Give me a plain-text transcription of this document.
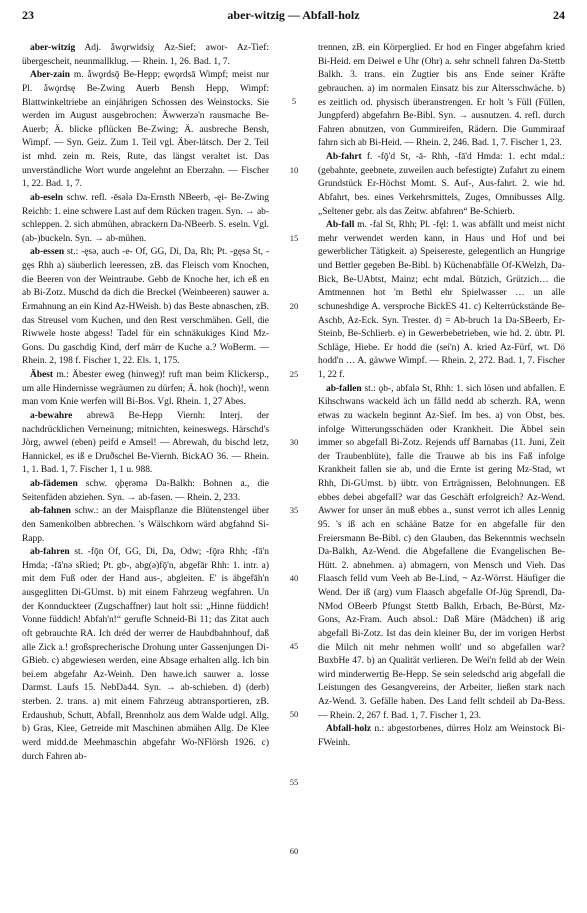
23	aber-witzig — Abfall-holz	24

aber-witzig Adj. ǡwǫrwidsiχ Az-Sief; awor- Az-Tief: übergescheit, neunmallklug. — Rhein. 1, 26. Bad. 1, 7.

Aber-zain m. ǡwǫrdsǭ Be-Hepp; ęwǫrdsā Wimpf; meist nur Pl. ǡwǫrdsę Be-Zwing Auerb Bensh Hepp, Wimpf: Blattwinkeltriebe an einjährigen Schossen des Weinstocks. Sie werden im August ausgebrochen: Äwwerzǝ'n rausmache Be-Auerb; Ä. blicke pflücken Be-Zwing; Ä. ausbreche Bensh, Wimpf. — Syn. Geiz. Zum 1. Teil vgl. Äber-lätsch. Der 2. Teil ist mhd. zein m. Reis, Rute, das längst veraltet ist. Das unverständliche Wort wurde angelehnt an Eberzahn. — Fischer 1, 22. Bad. 1, 7.

ab-eseln schw. refl. -ēsǝlǝ Da-Ernsth NBeerb, -ęi- Be-Zwing Reichb: 1. eine schwere Last auf dem Rücken tragen. Syn. → ab-schleppen. 2. sich abmühen, abrackern Da-NBeerb. S. eseln. Vgl. (ab-)buckeln. Syn. → ab-mühen.

ab-essen st.: -ęsǝ, auch -e- Of, GG, Di, Da, Rh; Pt. -gęsǝ St, -gęs Rhh a) säuberlich leeressen, zB. das Fleisch vom Knochen, die Beeren von der Weintraube. Gebb de Knoche her, ich eß en ab Bi-Zotz. Muschd dǝ dich die Breckel (Weinbeeren) sauwer a. Ermahnung an ein Kind Az-HWeish. b) das Beste abnaschen, zB. das Streusel vom Kuchen, und den Rest verschmähen. Gell, die Riwwele hoste abgess! Tadel für ein schnäkukiges Kind Mz-Gons. Du gaschdig Kind, derf märr de Kuche a.? WoBerm. — Rhein. 2, 198 f. Fischer 1, 22. Els. 1, 175.

Äbest m.: Äbester eweg (hinweg)! ruft man beim Klickersp., um alle Hindernisse wegräumen zu dürfen; Ä. hok (hoch)!, wenn man vom Knie werfen will Bi-Bos. Vgl. Rhein. 1, 27 Abes.

a-bewahre abrewā Be-Hepp Viernh: Interj. der nachdrücklichen Verneinung; mitnichten, keineswegs. Härschd's Jörg, awwel (eben) peifd e Amsel! — Abrewah, du bischd letz, Hannickel, es iß e Druðschel Be-Viernh. BickAO 36. — Rhein. 1, 1. Bad. 1, 7. Fischer 1, 1 u. 988.

ab-fädemen schw. ǫþęrǝmǝ Da-Balkh: Bohnen a., die Seitenfäden abziehen. Syn. → ab-fasen. — Rhein. 2, 233.

ab-fahnen schw.: an der Maispflanze die Blütenstengel über den Samenkolben abbrechen. 's Wälschkorn wärd abgfahnd Si-Rapp.

ab-fahren st. -fǭn Of, GG, Di, Da, Odw; -fǭrǝ Rhh; -fā'n Hmda; -fā'nǝ sRied; Pt. gb-, abg(ǝ)fǭ'n, abgefār Rhh: 1. intr. a) mit dem Fuß oder der Hand aus-, abgleiten. E' is äbgefāh'n ausgeglitten Di-GUmst. b) mit einem Fahrzeug wegfahren. Un der Konnduckteer (Zugschaffner) laut holt ssi: „Hinne füddich! Vonne füddich! Abfah'n!“ gerufle Schneid-Bi 11; das Zitat auch oft gebrauchte RA. Ich dréd der werrer de Haubdbahnhouf, daß alle Zick a.! großsprecherische Drohung unter Gassenjungen Di-GBieb. c) abgewiesen werden, eine Absage erhalten allg. Ich bin bei.em abgefahr Az-Weinh. Den hawe.ich sauwer a. losse Darmst. Laufs 15. NebDa44. Syn. → ab-schieben. d) (derb) sterben. 2. trans. a) mit einem Fahrzeug abtransportieren, zB. Erdaushub, Schutt, Abfall, Brennholz aus dem Walde udgl. Allg. b) Gras, Klee, Getreide mit Maschinen abmähen Allg. De Klee werd midd.de Meehmaschin abgefahr Wo-NFlörsh 1926. c) durch Fahren ab-

5
10
15
20
25
30
35
40
45
50
55
60

trennen, zB. ein Körperglied. Er hod en Finger abgefahrn kried Bi-Heid. em Deiwel e Uhr (Ohr) a. sehr schnell fahren Da-Stettb Balkh. 3. trans. ein Zugtier bis ans Ende seiner Kräfte gebrauchen. a) im normalen Einsatz bis zur Altersschwäche. b) es zeitlich od. physisch überanstrengen. Er holt 's Füll (Füllen, Jungpferd) abgefahrn Be-Bibl. Syn. → ausnutzen. 4. refl. durch Fahren abnutzen, von Gummireifen, Rädern. Die Gummiraaf fahrn sich ab Bi-Heid. — Rhein. 2, 246. Bad. 1, 7. Fischer 1, 23.

Ab-fahrt f. -fǭ'd St, -ā- Rhh, -fā'd Hmda: 1. echt mdal.: (gebahnte, geebnete, zuweilen auch befestigte) Zufahrt zu einem Grundstück Er-Höchst Momt. S. Auf-, Aus-fahrt. 2. wie hd. Abfahrt, bes. eines Verkehrsmittels, Zuges, Omnibusses Allg. „Seltener gebr. als das Zeitw. abfahren“ Be-Schierb.

Ab-fall m. -fal St, Rhh; Pl. -fęl: 1. was abfällt und meist nicht mehr verwendet werden kann, in Haus und Hof und bei gewerblicher Tätigkeit. a) Speisereste, gelegentlich an Hungrige und Bettler gegeben Be-Bibl. b) Küchenabfälle Of-KWelzh, Da-Bick, Be-UAbtst, Mainz; echt mdal. Bützich, Grützich… die Amtmennen hot 'm Bethl ehr Spielwasser … un alle schuneshdige A. versproche BickES 41. c) Kelterrückstände Be-Aschb, Az-Eck. Syn. Trester. d) = Ab-bruch 1a Da-SBeerb, Er-Steinb, Be-Schlierb. e) in Gewerbebetrieben, wie hd. 2. übtr. Pl. Schläge, Hiebe. Er hodd die (sei'n) A. kried Az-Fürf, wt. Dö hodd'n … A. gäwwe Wimpf. — Rhein. 2, 272. Bad. 1, 7. Fischer 1, 22 f.

ab-fallen st.: ǫb-, abfalǝ St, Rhh: 1. sich lösen und abfallen. E Kihschwans wackeld äch un fälld nedd ab scherzh. RA, wenn etwas zu wackeln beginnt Az-Sief. Im bes. a) von Obst, bes. infolge Witterungsschäden oder Krankheit. Die Äbbel sein immer so abgefall Bi-Zotz. Rejends uff Barnabas (11. Juni, Zeit der Traubenblüte), falle die Trauwe ab bis ins Faß infolge Krankheit fallen sie ab, und die Ernte ist gering Mz-Stad, wt Rhh, Di-GUmst. b) übtr. von Erträgnissen, Belohnungen. Eß ebbes debei abgefall? war das Geschäft erfolgreich? Az-Wend. Awwer for unser än muß ebbes a., sunst verrot ich alles Lennig 95. 's iß ach en schääne Batze for en abgefalle für den Freiersmann Be-Bibl. c) den Glauben, das Bekenntnis wechseln Da-Balkh, Az-Wend. die Abgefallene die Evangelischen Be-Hütt. 2. abnehmen. a) abmagern, von Mensch und Vieh. Das Flaasch felld vum Veeh ab Be-Lind, ~ Az-Wörrst. Häufiger die Wend. Der iß (arg) vum Flaasch abgefalle Of-Jüg Sprendl, Da-NMod OBeerb Pfungst Stettb Balkh, Erbach, Be-Bürst, Mz-Gons, Az-Fram. Auch absol.: Daß Märe (Mädchen) iß arig abgefall Bi-Zotz. Ist das dein kleiner Bu, der im vorigen Herbst die Milch nit mehr nehmen wollt' und so abgefallen war? BuxbHe 47. b) an Qualität verlieren. De Wei'n felld ab der Wein wird minderwertig Be-Hepp. Se sein seledschd arig abgefall die Leistungen des Gesangvereins, der Arbeiter, ließen stark nach Az-Wend. 3. Gefälle haben. Des Land fellt schdeil ab Da-Bess. — Rhein. 2, 267 f. Bad. 1, 7. Fischer 1, 23.

Abfall-holz n.: abgestorbenes, dürres Holz am Weinstock Bi-FWeinh.
